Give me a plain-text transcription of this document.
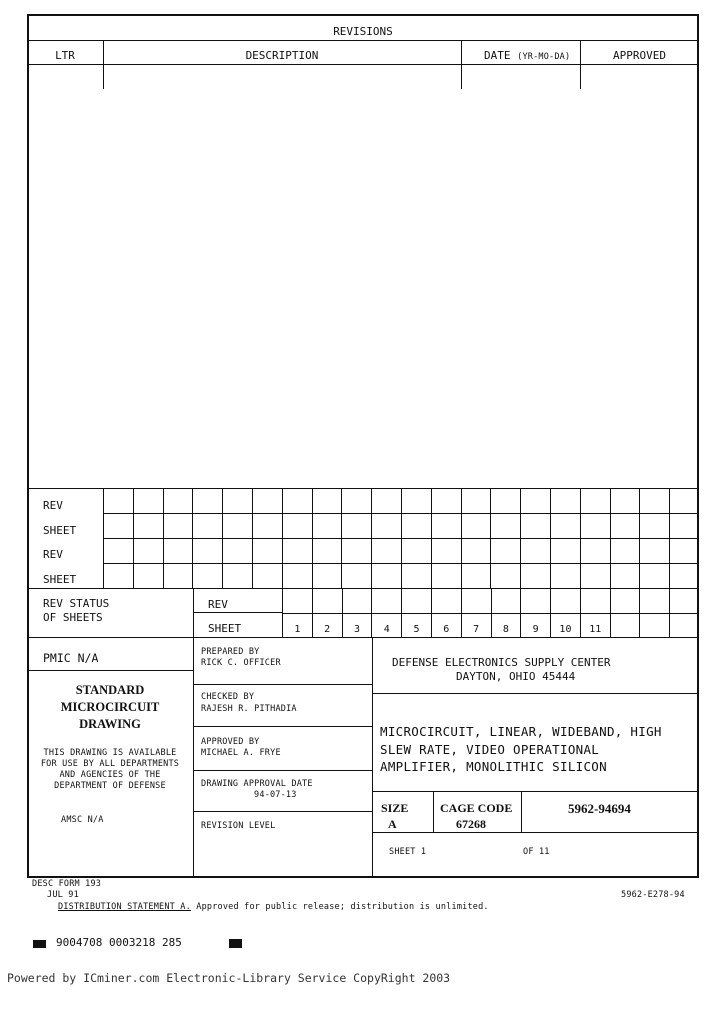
REVISIONS
LTR	DESCRIPTION	DATE (YR-MO-DA)	APPROVED
REV
SHEET
REV
SHEET
REV STATUS
OF SHEETS
REV
SHEET	1	2	3	4	5	6	7	8	9	10	11
PMIC N/A
STANDARD
MICROCIRCUIT
DRAWING
THIS DRAWING IS AVAILABLE
FOR USE BY ALL DEPARTMENTS
AND AGENCIES OF THE
DEPARTMENT OF DEFENSE
AMSC N/A
PREPARED BY
RICK C. OFFICER
CHECKED BY
RAJESH R. PITHADIA
APPROVED BY
MICHAEL A. FRYE
DRAWING APPROVAL DATE
94-07-13
REVISION LEVEL
DEFENSE ELECTRONICS SUPPLY CENTER
DAYTON, OHIO 45444
MICROCIRCUIT, LINEAR, WIDEBAND, HIGH
SLEW RATE, VIDEO OPERATIONAL
AMPLIFIER, MONOLITHIC SILICON
SIZE
A
CAGE CODE
67268
5962-94694
SHEET 1	OF 11
DESC FORM 193
JUL 91
DISTRIBUTION STATEMENT A. Approved for public release; distribution is unlimited.
5962-E278-94
9004708 0003218 285
Powered by ICminer.com Electronic-Library Service CopyRight 2003
